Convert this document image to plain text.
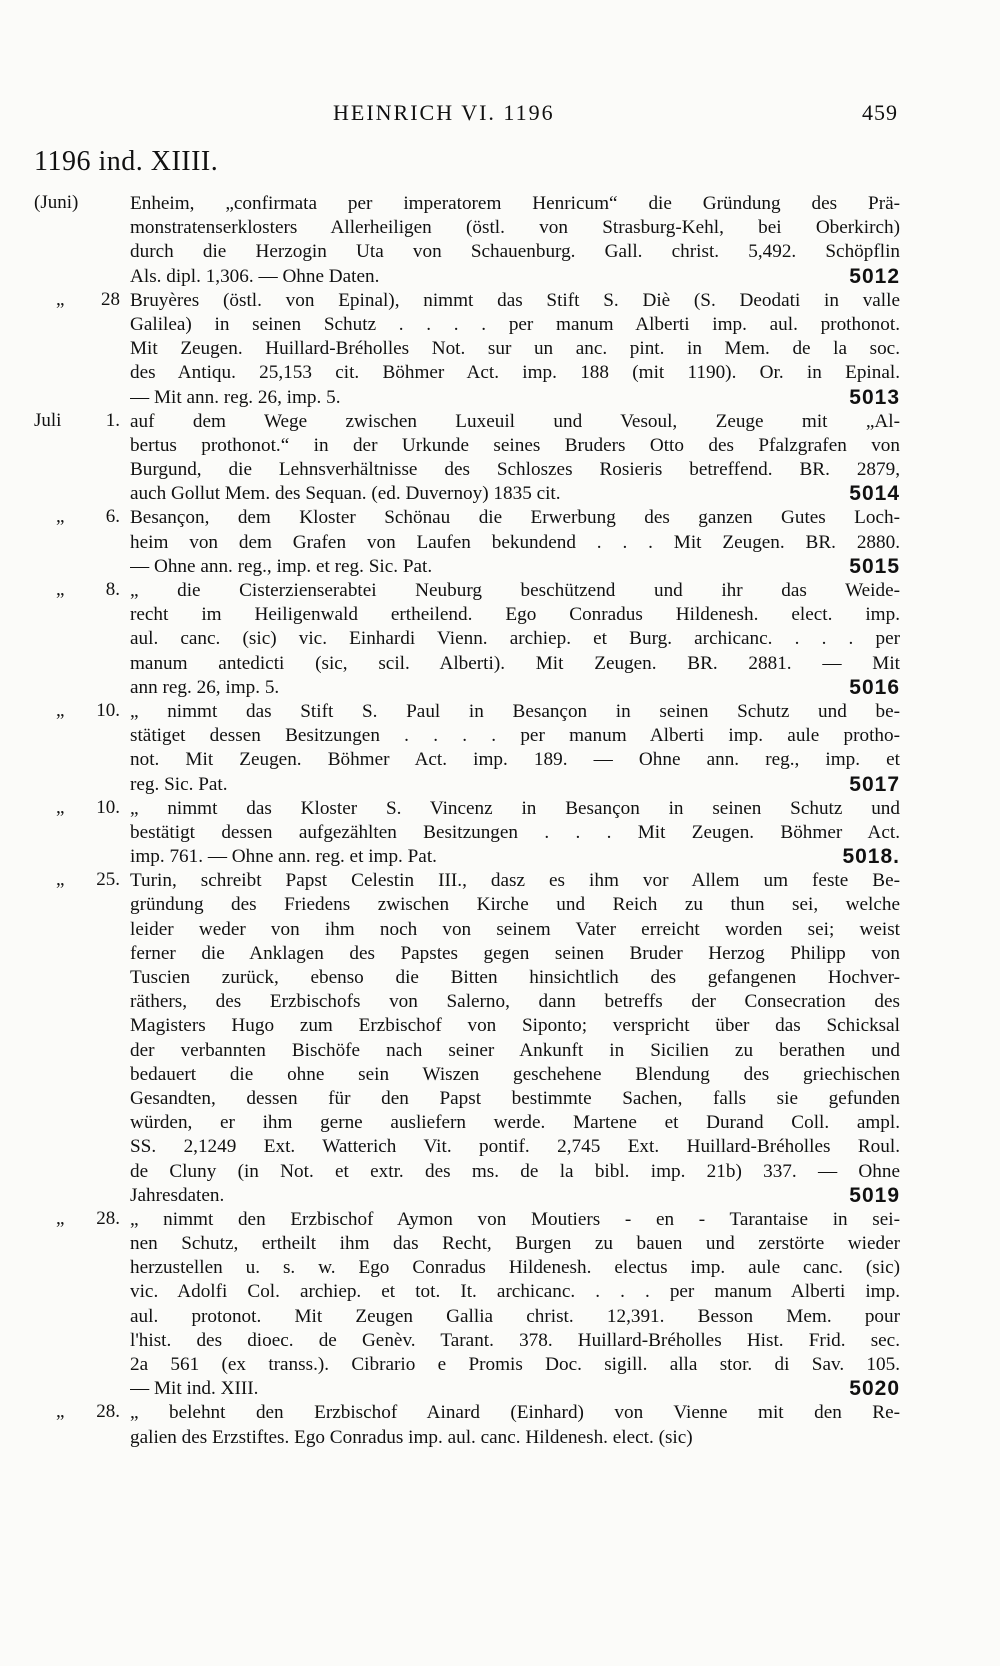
HEINRICH VI. 1196	459
1196 ind. XIIII.
(Juni)	Enheim, „confirmata per imperatorem Henricum“ die Gründung des Prä-
monstratenserklosters Allerheiligen (östl. von Strasburg-Kehl, bei Oberkirch)
durch die Herzogin Uta von Schauenburg. Gall. christ. 5,492. Schöpflin
Als. dipl. 1,306. — Ohne Daten.	5012
„	28 Bruyères (östl. von Epinal), nimmt das Stift S. Diè (S. Deodati in valle
Galilea) in seinen Schutz . . . . per manum Alberti imp. aul. prothonot.
Mit Zeugen. Huillard-Bréholles Not. sur un anc. pint. in Mem. de la soc.
des Antiqu. 25,153 cit. Böhmer Act. imp. 188 (mit 1190). Or. in Epinal.
— Mit ann. reg. 26, imp. 5.	5013
Juli	1. auf dem Wege zwischen Luxeuil und Vesoul, Zeuge mit „Al-
bertus prothonot.“ in der Urkunde seines Bruders Otto des Pfalzgrafen von
Burgund, die Lehnsverhältnisse des Schloszes Rosieris betreffend. BR. 2879,
auch Gollut Mem. des Sequan. (ed. Duvernoy) 1835 cit.	5014
„	6. Besançon, dem Kloster Schönau die Erwerbung des ganzen Gutes Loch-
heim von dem Grafen von Laufen bekundend . . . Mit Zeugen. BR. 2880.
— Ohne ann. reg., imp. et reg. Sic. Pat.	5015
„	8. „ die Cisterzienserabtei Neuburg beschützend und ihr das Weide-
recht im Heiligenwald ertheilend. Ego Conradus Hildenesh. elect. imp.
aul. canc. (sic) vic. Einhardi Vienn. archiep. et Burg. archicanc. . . . per
manum antedicti (sic, scil. Alberti). Mit Zeugen. BR. 2881. — Mit
ann reg. 26, imp. 5.	5016
„	10. „ nimmt das Stift S. Paul in Besançon in seinen Schutz und be-
stätiget dessen Besitzungen . . . . per manum Alberti imp. aule protho-
not. Mit Zeugen. Böhmer Act. imp. 189. — Ohne ann. reg., imp. et
reg. Sic. Pat.	5017
„	10. „ nimmt das Kloster S. Vincenz in Besançon in seinen Schutz und
bestätigt dessen aufgezählten Besitzungen . . . Mit Zeugen. Böhmer Act.
imp. 761. — Ohne ann. reg. et imp. Pat.	5018.
„	25. Turin, schreibt Papst Celestin III., dasz es ihm vor Allem um feste Be-
gründung des Friedens zwischen Kirche und Reich zu thun sei, welche
leider weder von ihm noch von seinem Vater erreicht worden sei; weist
ferner die Anklagen des Papstes gegen seinen Bruder Herzog Philipp von
Tuscien zurück, ebenso die Bitten hinsichtlich des gefangenen Hochver-
räthers, des Erzbischofs von Salerno, dann betreffs der Consecration des
Magisters Hugo zum Erzbischof von Siponto; verspricht über das Schicksal
der verbannten Bischöfe nach seiner Ankunft in Sicilien zu berathen und
bedauert die ohne sein Wiszen geschehene Blendung des griechischen
Gesandten, dessen für den Papst bestimmte Sachen, falls sie gefunden
würden, er ihm gerne ausliefern werde. Martene et Durand Coll. ampl.
SS. 2,1249 Ext. Watterich Vit. pontif. 2,745 Ext. Huillard-Bréholles Roul.
de Cluny (in Not. et extr. des ms. de la bibl. imp. 21b) 337. — Ohne
Jahresdaten.	5019
„	28. „ nimmt den Erzbischof Aymon von Moutiers - en - Tarantaise in sei-
nen Schutz, ertheilt ihm das Recht, Burgen zu bauen und zerstörte wieder
herzustellen u. s. w. Ego Conradus Hildenesh. electus imp. aule canc. (sic)
vic. Adolfi Col. archiep. et tot. It. archicanc. . . . per manum Alberti imp.
aul. protonot. Mit Zeugen Gallia christ. 12,391. Besson Mem. pour
l'hist. des dioec. de Genèv. Tarant. 378. Huillard-Bréholles Hist. Frid. sec.
2a 561 (ex transs.). Cibrario e Promis Doc. sigill. alla stor. di Sav. 105.
— Mit ind. XIII.	5020
„	28. „ belehnt den Erzbischof Ainard (Einhard) von Vienne mit den Re-
galien des Erzstiftes. Ego Conradus imp. aul. canc. Hildenesh. elect. (sic)
